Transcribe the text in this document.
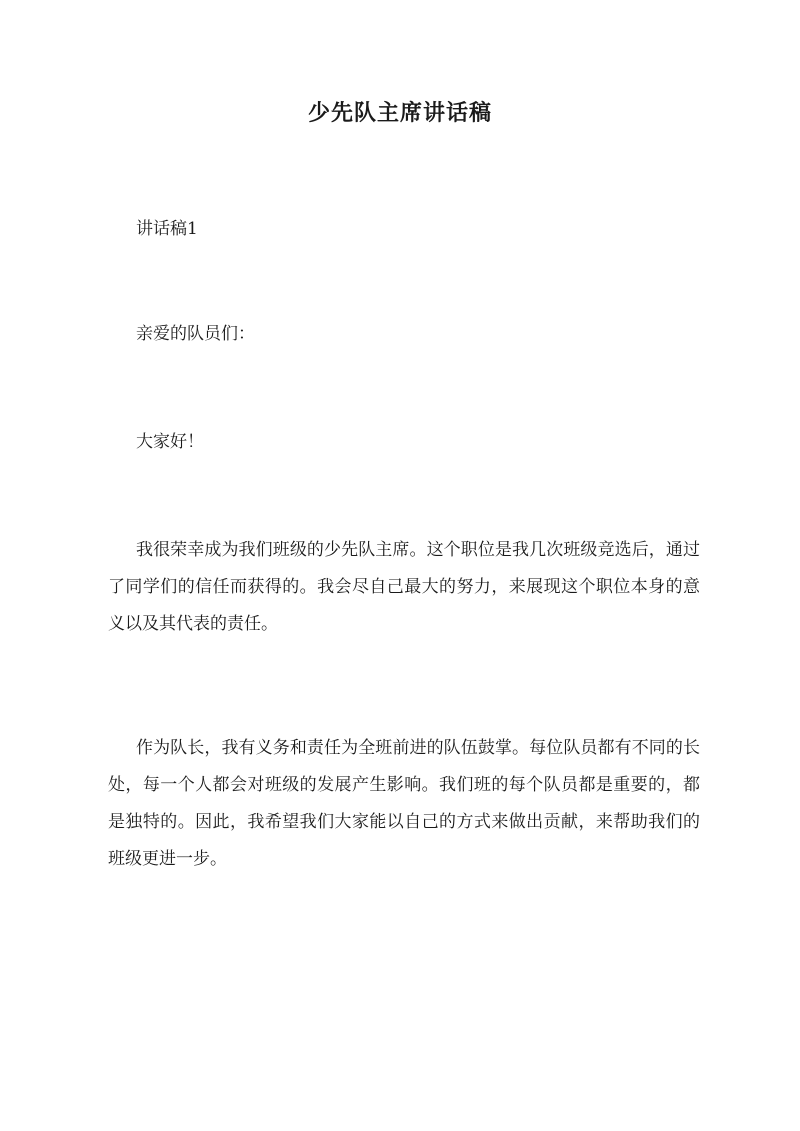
少先队主席讲话稿

讲话稿1

亲爱的队员们：

大家好！

我很荣幸成为我们班级的少先队主席。这个职位是我几次班级竞选后，通过了同学们的信任而获得的。我会尽自己最大的努力，来展现这个职位本身的意义以及其代表的责任。

作为队长，我有义务和责任为全班前进的队伍鼓掌。每位队员都有不同的长处，每一个人都会对班级的发展产生影响。我们班的每个队员都是重要的，都是独特的。因此，我希望我们大家能以自己的方式来做出贡献，来帮助我们的班级更进一步。
